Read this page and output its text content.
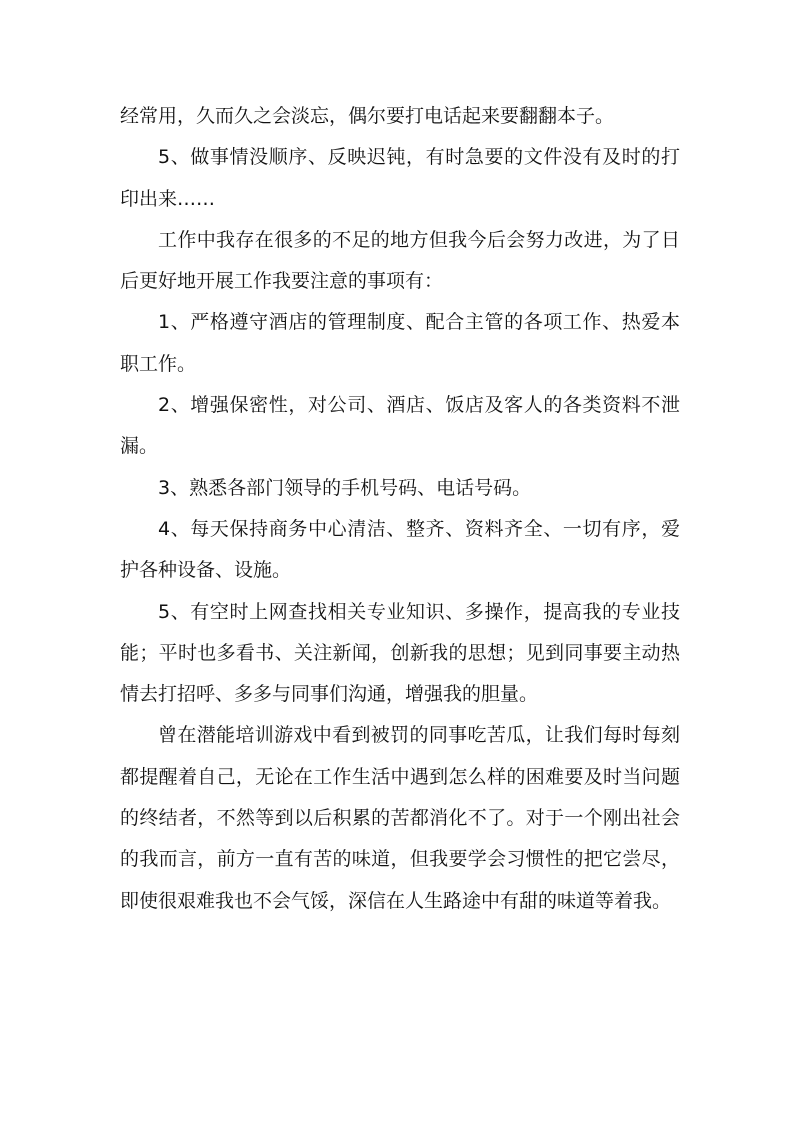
经常用，久而久之会淡忘，偶尔要打电话起来要翻翻本子。

5、做事情没顺序、反映迟钝，有时急要的文件没有及时的打印出来……

工作中我存在很多的不足的地方但我今后会努力改进，为了日后更好地开展工作我要注意的事项有：

1、严格遵守酒店的管理制度、配合主管的各项工作、热爱本职工作。

2、增强保密性，对公司、酒店、饭店及客人的各类资料不泄漏。

3、熟悉各部门领导的手机号码、电话号码。

4、每天保持商务中心清洁、整齐、资料齐全、一切有序，爱护各种设备、设施。

5、有空时上网查找相关专业知识、多操作，提高我的专业技能；平时也多看书、关注新闻，创新我的思想；见到同事要主动热情去打招呼、多多与同事们沟通，增强我的胆量。

曾在潜能培训游戏中看到被罚的同事吃苦瓜，让我们每时每刻都提醒着自己，无论在工作生活中遇到怎么样的困难要及时当问题的终结者，不然等到以后积累的苦都消化不了。对于一个刚出社会的我而言，前方一直有苦的味道，但我要学会习惯性的把它尝尽，即使很艰难我也不会气馁，深信在人生路途中有甜的味道等着我。
